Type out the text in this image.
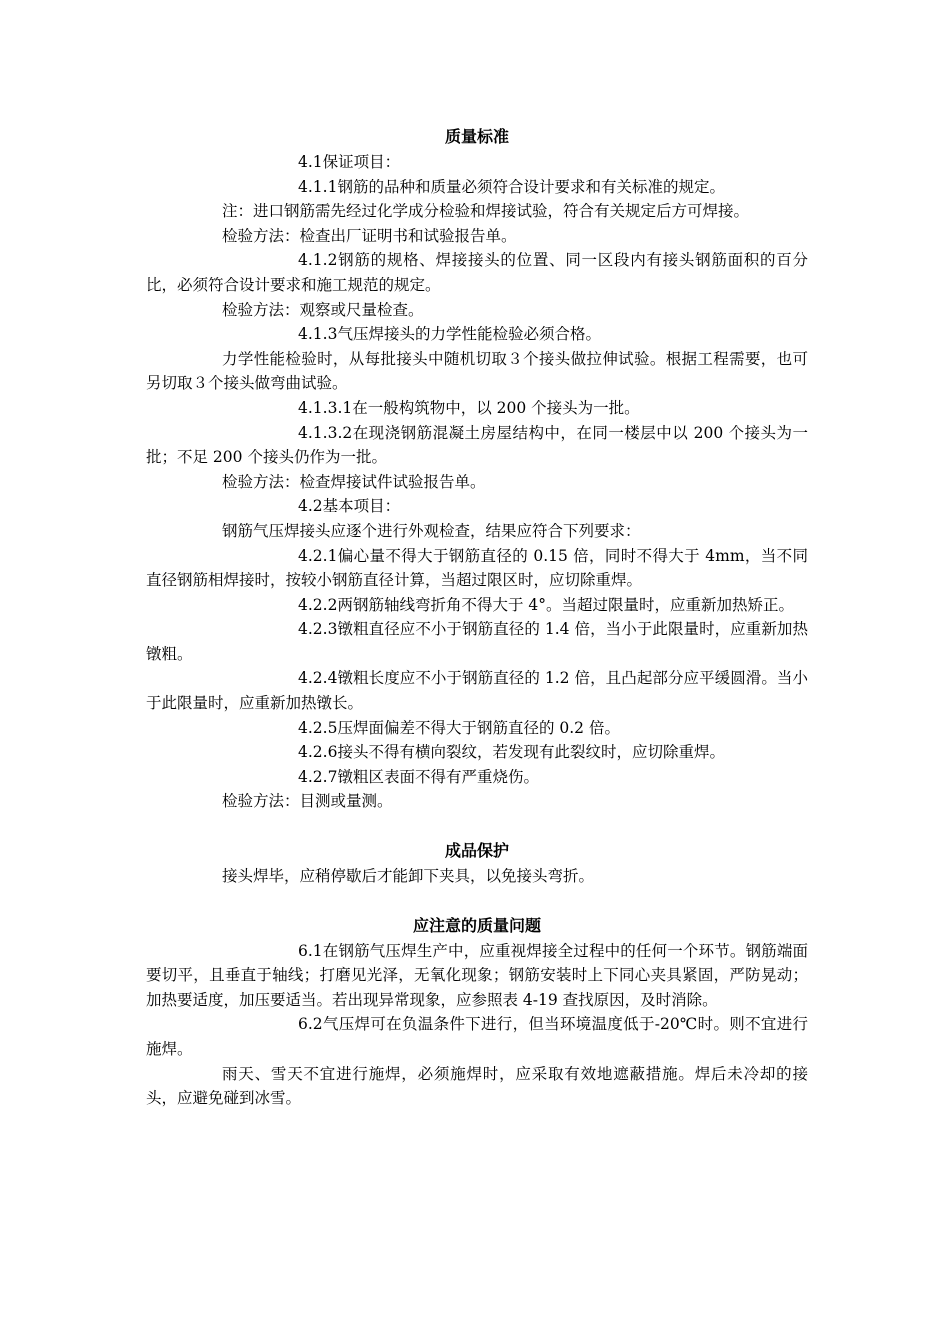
质量标准

4.1保证项目：

4.1.1钢筋的品种和质量必须符合设计要求和有关标准的规定。

注：进口钢筋需先经过化学成分检验和焊接试验，符合有关规定后方可焊接。

检验方法：检查出厂证明书和试验报告单。

4.1.2钢筋的规格、焊接接头的位置、同一区段内有接头钢筋面积的百分比，必须符合设计要求和施工规范的规定。

检验方法：观察或尺量检查。

4.1.3气压焊接头的力学性能检验必须合格。

力学性能检验时，从每批接头中随机切取３个接头做拉伸试验。根据工程需要，也可另切取３个接头做弯曲试验。

4.1.3.1在一般构筑物中，以 200 个接头为一批。

4.1.3.2在现浇钢筋混凝土房屋结构中，在同一楼层中以 200 个接头为一批；不足 200 个接头仍作为一批。

检验方法：检查焊接试件试验报告单。

4.2基本项目：

钢筋气压焊接头应逐个进行外观检查，结果应符合下列要求：

4.2.1偏心量不得大于钢筋直径的 0.15 倍，同时不得大于 4mm，当不同直径钢筋相焊接时，按较小钢筋直径计算，当超过限区时，应切除重焊。

4.2.2两钢筋轴线弯折角不得大于 4°。当超过限量时，应重新加热矫正。

4.2.3镦粗直径应不小于钢筋直径的 1.4 倍，当小于此限量时，应重新加热镦粗。

4.2.4镦粗长度应不小于钢筋直径的 1.2 倍，且凸起部分应平缓圆滑。当小于此限量时，应重新加热镦长。

4.2.5压焊面偏差不得大于钢筋直径的 0.2 倍。

4.2.6接头不得有横向裂纹，若发现有此裂纹时，应切除重焊。

4.2.7镦粗区表面不得有严重烧伤。

检验方法：目测或量测。

成品保护

接头焊毕，应稍停歇后才能卸下夹具，以免接头弯折。

应注意的质量问题

6.1在钢筋气压焊生产中，应重视焊接全过程中的任何一个环节。钢筋端面要切平，且垂直于轴线；打磨见光泽，无氧化现象；钢筋安装时上下同心夹具紧固，严防晃动；加热要适度，加压要适当。若出现异常现象，应参照表 4-19 查找原因，及时消除。

6.2气压焊可在负温条件下进行，但当环境温度低于-20℃时。则不宜进行施焊。

雨天、雪天不宜进行施焊，必须施焊时，应采取有效地遮蔽措施。焊后未冷却的接头，应避免碰到冰雪。
